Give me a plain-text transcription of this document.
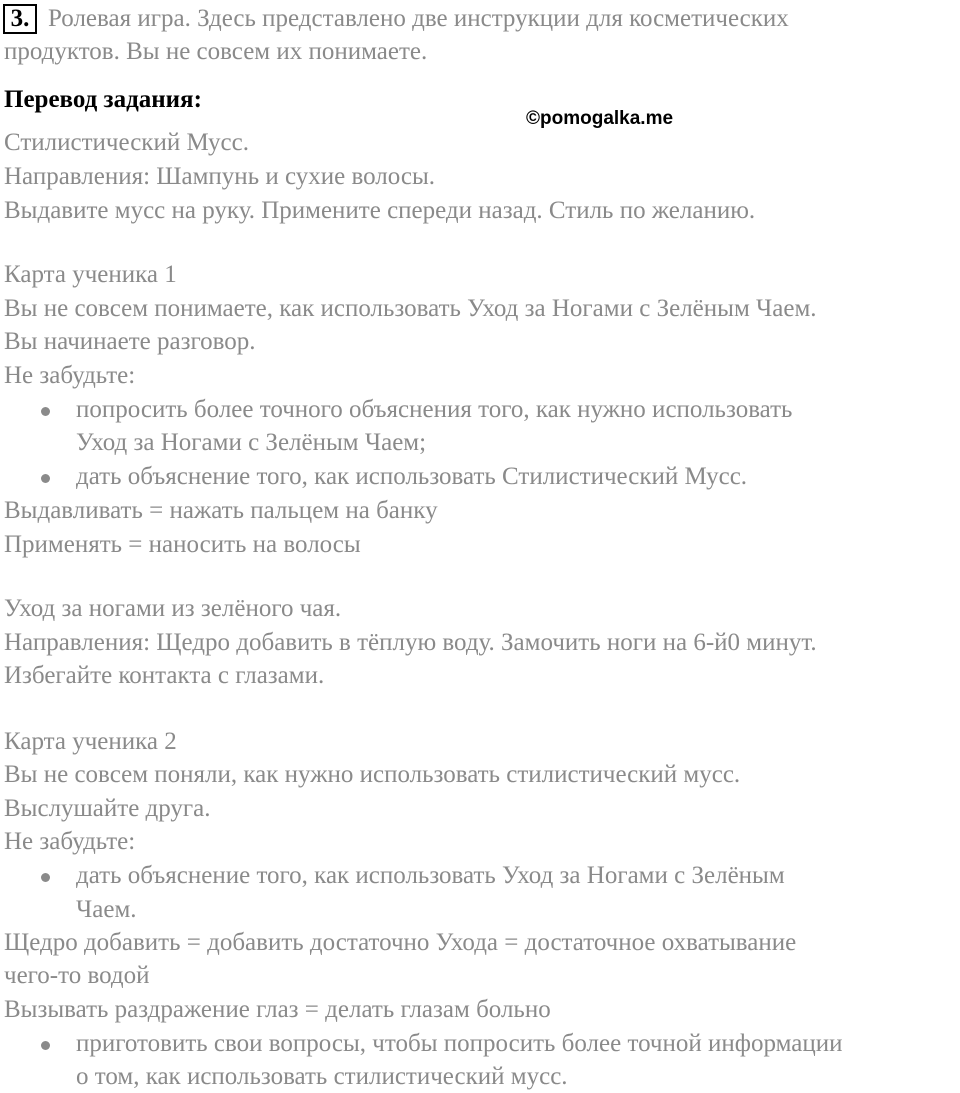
3. Ролевая игра. Здесь представлено две инструкции для косметических
продуктов. Вы не совсем их понимаете.
Перевод задания:
©pomogalka.me
Стилистический Мусс.
Направления: Шампунь и сухие волосы.
Выдавите мусс на руку. Примените спереди назад. Стиль по желанию.
Карта ученика 1
Вы не совсем понимаете, как использовать Уход за Ногами с Зелёным Чаем.
Вы начинаете разговор.
Не забудьте:
попросить более точного объяснения того, как нужно использовать
Уход за Ногами с Зелёным Чаем;
дать объяснение того, как использовать Стилистический Мусс.
Выдавливать = нажать пальцем на банку
Применять = наносить на волосы
Уход за ногами из зелёного чая.
Направления: Щедро добавить в тёплую воду. Замочить ноги на 6-й0 минут.
Избегайте контакта с глазами.
Карта ученика 2
Вы не совсем поняли, как нужно использовать стилистический мусс.
Выслушайте друга.
Не забудьте:
дать объяснение того, как использовать Уход за Ногами с Зелёным
Чаем.
Щедро добавить = добавить достаточно Ухода = достаточное охватывание
чего-то водой
Вызывать раздражение глаз = делать глазам больно
приготовить свои вопросы, чтобы попросить более точной информации
о том, как использовать стилистический мусс.
